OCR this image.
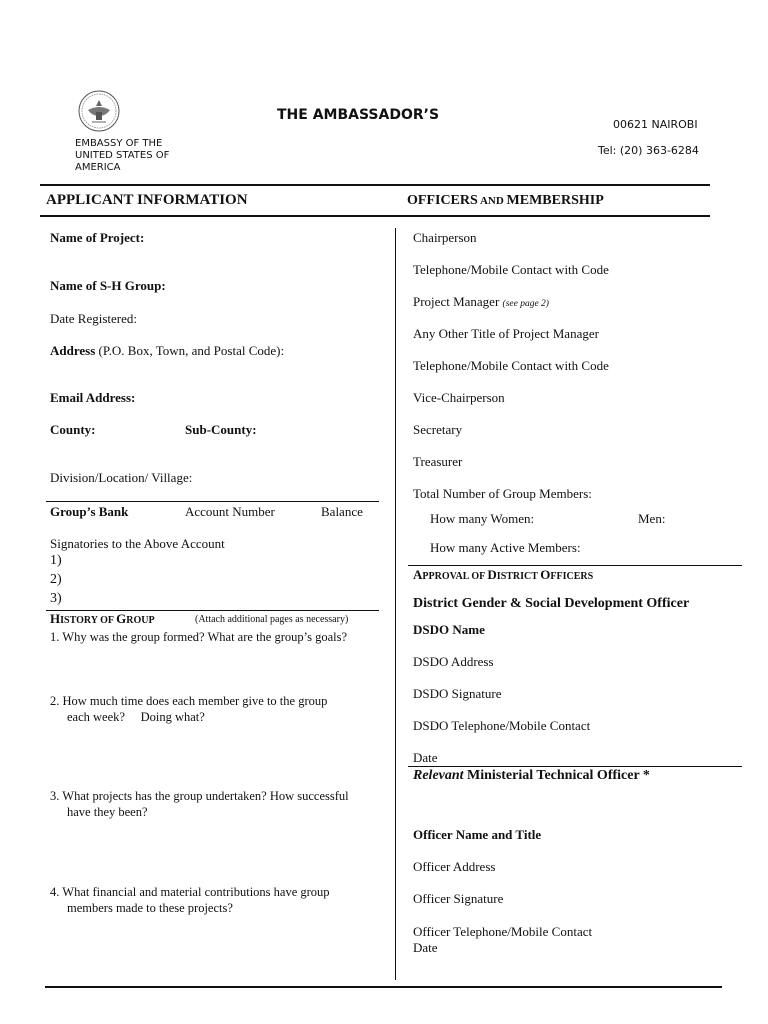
EMBASSY OF THE
UNITED STATES OF
AMERICA
THE AMBASSADOR’S
00621 NAIROBI
Tel: (20) 363-6284
APPLICANT INFORMATION	OFFICERS AND MEMBERSHIP
Name of Project:
Name of S-H Group:
Date Registered:
Address (P.O. Box, Town, and Postal Code):
Email Address:
County:	Sub-County:
Division/Location/ Village:
Group’s Bank	Account Number	Balance
Signatories to the Above Account
1)
2)
3)
HISTORY OF GROUP	(Attach additional pages as necessary)
1. Why was the group formed? What are the group’s goals?
2. How much time does each member give to the group
each week?     Doing what?
3. What projects has the group undertaken? How successful
have they been?
4. What financial and material contributions have group
members made to these projects?
Chairperson
Telephone/Mobile Contact with Code
Project Manager (see page 2)
Any Other Title of Project Manager
Telephone/Mobile Contact with Code
Vice-Chairperson
Secretary
Treasurer
Total Number of Group Members:
How many Women:	Men:
How many Active Members:
APPROVAL OF DISTRICT OFFICERS
District Gender & Social Development Officer
DSDO Name
DSDO Address
DSDO Signature
DSDO Telephone/Mobile Contact
Date
Relevant Ministerial Technical Officer *
Officer Name and Title
Officer Address
Officer Signature
Officer Telephone/Mobile Contact
Date
